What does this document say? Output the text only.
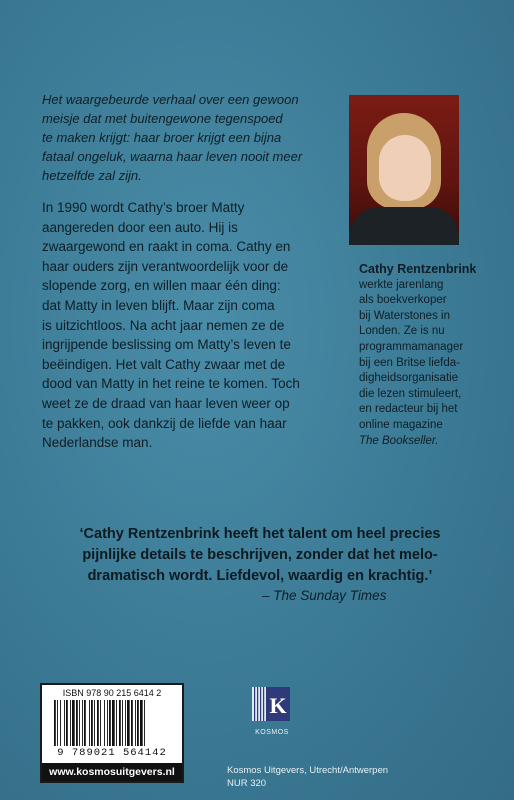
Het waargebeurde verhaal over een gewoon
meisje dat met buitengewone tegenspoed
te maken krijgt: haar broer krijgt een bijna
fataal ongeluk, waarna haar leven nooit meer
hetzelfde zal zijn.
In 1990 wordt Cathy’s broer Matty
aangereden door een auto. Hij is
zwaargewond en raakt in coma. Cathy en
haar ouders zijn verantwoordelijk voor de
slopende zorg, en willen maar één ding:
dat Matty in leven blijft. Maar zijn coma
is uitzichtloos. Na acht jaar nemen ze de
ingrijpende beslissing om Matty’s leven te
beëindigen. Het valt Cathy zwaar met de
dood van Matty in het reine te komen. Toch
weet ze de draad van haar leven weer op
te pakken, ook dankzij de liefde van haar
Nederlandse man.
Cathy Rentzenbrink
werkte jarenlang
als boekverkoper
bij Waterstones in
Londen. Ze is nu
programmamanager
bij een Britse liefda-
digheidsorganisatie
die lezen stimuleert,
en redacteur bij het
online magazine
The Bookseller.
‘Cathy Rentzenbrink heeft het talent om heel precies
pijnlijke details te beschrijven, zonder dat het melo-
dramatisch wordt. Liefdevol, waardig en krachtig.’
– The Sunday Times
ISBN 978 90 215 6414 2
9 789021 564142
www.kosmosuitgevers.nl
K
KOSMOS
Kosmos Uitgevers, Utrecht/Antwerpen
NUR 320
